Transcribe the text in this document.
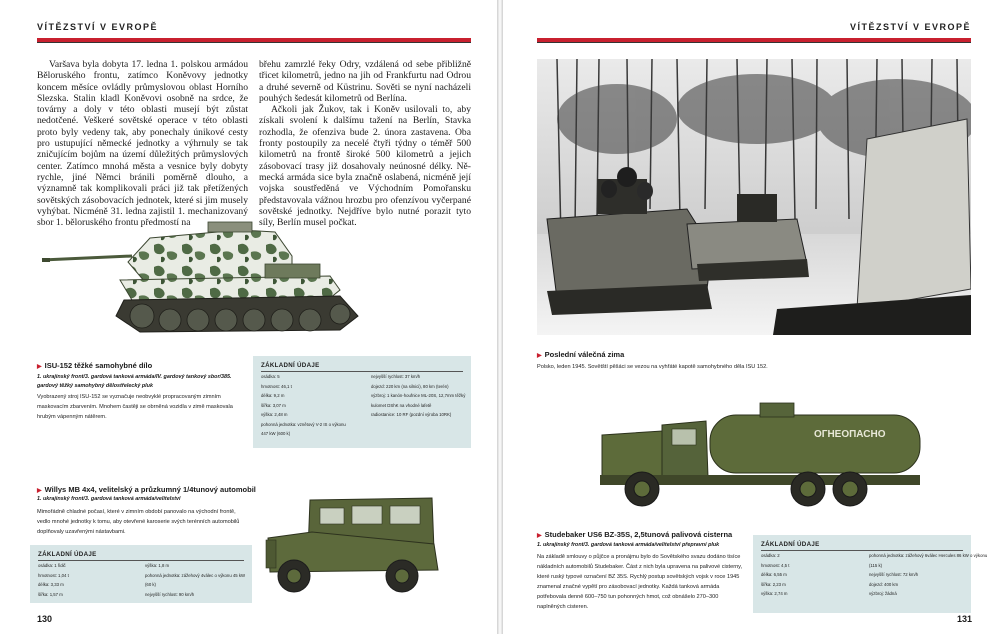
VÍTĚZSTVÍ V EVROPĚ

Varšava byla dobyta 17. ledna 1. polskou armádou Běloruského frontu, zatímco Koněvovy jednotky koncem měsíce ovládly průmyslovou oblast Horního Slezska. Stalin kladl Koněvovi osobně na srdce, že továrny a doly v této oblasti musejí být zůstat nedotčené. Veškeré sovětské operace v této oblasti proto byly vedeny tak, aby ponechaly únikové cesty pro ustupující německé jednotky a výhrnuly se tak zničujícím bojům na území důležitých průmyslových center. Zatímco mnohá města a vesnice byly dobyty rychle, jiné Němci bránili poměrně dlouho, a významně tak komplikovali práci již tak přetížených sovětských zásobovacích jednotek, které si jim musely vyhýbat. Nicméně 31. ledna zajistil 1. mechanizovaný sbor 1. běloruského frontu předmostí na

břehu zamrzlé řeky Odry, vzdálená od sebe přibližně třicet kilometrů, jedno na jih od Frankfurtu nad Odrou a druhé severně od Küstrinu. Sověti se nyní nacházeli pouhých šedesát kilometrů od Berlína.

Ačkoli jak Žukov, tak i Koněv usilovali to, aby získali svolení k dalšímu tažení na Berlín, Stavka rozhodla, že ofenziva bude 2. února zastavena. Oba fronty postoupily za necelé čtyři týdny o téměř 500 kilometrů na frontě široké 500 kilometrů a jejich zásobovací trasy již dosahovaly neúnosné délky. Německá armáda sice byla značně oslabená, nicméně její vojska soustředěná ve Východním Pomořansku představovala vážnou hrozbu pro ofenzívou vyčerpané sovětské jednotky. Nejdříve bylo nutné porazit tyto síly, Berlín musel počkat.

▶ ISU-152 těžké samohybné dílo
1. ukrajinský front/3. gardová tanková armáda/IV. gardový tankový sbor/385. gardový těžký samohybný dělostřelecký pluk
Vyobrazený stroj ISU-152 se vyznačuje neobvyklé propracovaným zimním maskovacím zbarvením. Mnohem častěji se obrněná vozidla v zimě maskovala hrubým vápenným nátěrem.
ZÁKLADNÍ ÚDAJE
osádka: 5
hmotnost: 46,1 t
délka: 9,2 m
šířka: 3,07 m
výška: 2,48 m
pohonná jednotka: vznětový V-2 IS o výkonu
447 kW (600 k)
nejvyšší rychlost: 37 km/h
dojezd: 220 km (na silnici), 80 km (terén)
výzbroj: 1 kanón-houfnice ML-20S, 12,7mm těžký
kulomet DShK na vhodné lafetě
radiostanice: 10 RF (pozdní výroba 10RK)
▶ Willys MB 4x4, velitelský a průzkumný 1/4tunový automobil
1. ukrajinský front/3. gardová tanková armáda/velitelství
Mimořádně chladné počasí, které v zimním období panovalo na východní frontě, vedlo mnohé jednotky k tomu, aby otevřené karoserie svých terénních automobilů doplňovaly uzavřenými nástavbami.
ZÁKLADNÍ ÚDAJE
osádka: 1 řidič
hmotnost: 1,04 t
délka: 3,33 m
šířka: 1,57 m
výška: 1,8 m
pohonná jednotka: zážehový 4válec o výkonu 45 kW
(60 k)
nejvyšší rychlost: 90 km/h
130
VÍTĚZSTVÍ V EVROPĚ
▶ Poslední válečná zima
Polsko, leden 1945. Sovětští pěšáci se vezou na vyhřáté kapotě samohybného děla ISU 152.
ОГНЕОПАСНО
▶ Studebaker US6 BZ-35S, 2,5tunová palivová cisterna
1. ukrajinský front/3. gardová tanková armáda/velitelství přepravní pluk
Na základě smlouvy o půjčce a pronájmu bylo do Sovětského svazu dodáno tisíce nákladních automobilů Studebaker. Část z nich byla upravena na palivové cisterny, které ruský typové označení BZ 35S. Rychlý postup sovětských vojsk v roce 1945 znamenal značné vypětí pro zásobovací jednotky. Každá tanková armáda potřebovala denně 600–750 tun pohonných hmot, což obnášelo 270–300 naplněných cisteren.
ZÁKLADNÍ ÚDAJE
osádka: 2
hmotnost: 4,5 t
délka: 6,55 m
šířka: 2,23 m
výška: 2,74 m
pohonná jednotka: zážehový 6válec Hercules 86 kW o výkonu
(115 k)
nejvyšší rychlost: 72 km/h
dojezd: 400 km
výzbroj: žádná
131
